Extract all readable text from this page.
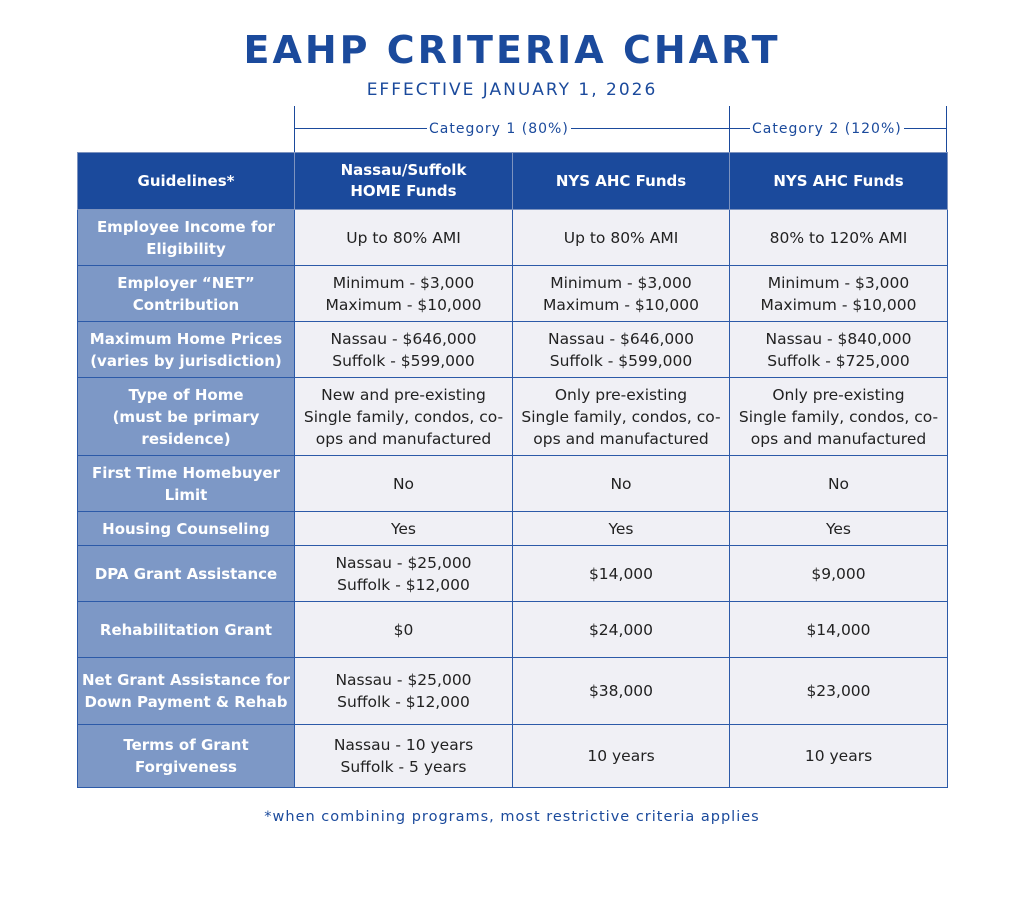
EAHP CRITERIA CHART
EFFECTIVE JANUARY 1, 2026
Category 1 (80%)	Category 2 (120%)
Guidelines*	Nassau/Suffolk
HOME Funds	NYS AHC Funds	NYS AHC Funds

Employee Income for
Eligibility	Up to 80% AMI	Up to 80% AMI	80% to 120% AMI

Employer “NET”
Contribution	Minimum - $3,000
Maximum - $10,000	Minimum - $3,000
Maximum - $10,000	Minimum - $3,000
Maximum - $10,000

Maximum Home Prices
(varies by jurisdiction)	Nassau - $646,000
Suffolk - $599,000	Nassau - $646,000
Suffolk - $599,000	Nassau - $840,000
Suffolk - $725,000

Type of Home
(must be primary
residence)	New and pre-existing
Single family, condos, co-
ops and manufactured	Only pre-existing
Single family, condos, co-
ops and manufactured	Only pre-existing
Single family, condos, co-
ops and manufactured

First Time Homebuyer
Limit	No	No	No

Housing Counseling	Yes	Yes	Yes

DPA Grant Assistance	Nassau - $25,000
Suffolk - $12,000	$14,000	$9,000

Rehabilitation Grant	$0	$24,000	$14,000

Net Grant Assistance for
Down Payment & Rehab	Nassau - $25,000
Suffolk - $12,000	$38,000	$23,000

Terms of Grant
Forgiveness	Nassau - 10 years
Suffolk - 5 years	10 years	10 years
*when combining programs, most restrictive criteria applies
